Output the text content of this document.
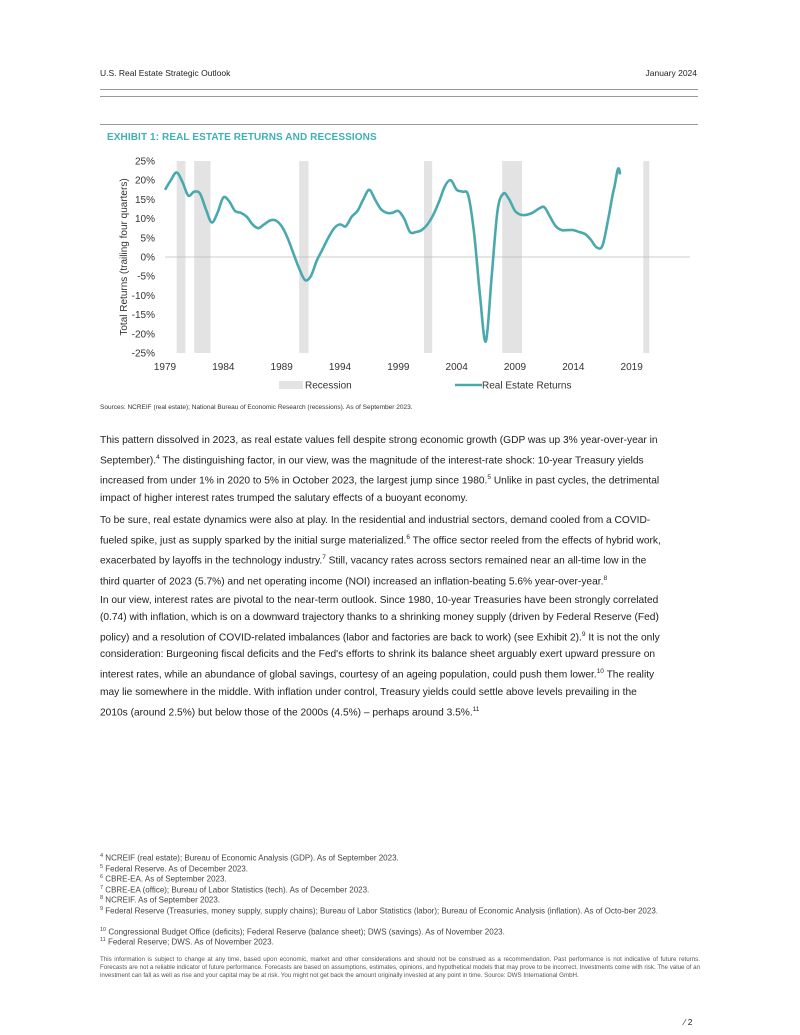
U.S. Real Estate Strategic Outlook	January 2024
EXHIBIT 1: REAL ESTATE RETURNS AND RECESSIONS
25%
20%
15%
10%
5%
0%
-5%
-10%
-15%
-20%
-25%
1979	1984	1989	1994	1999	2004	2009	2014	2019
Total Returns (trailing four quarters)
Recession	Real Estate Returns
Sources: NCREIF (real estate); National Bureau of Economic Research (recessions). As of September 2023.

This pattern dissolved in 2023, as real estate values fell despite strong economic growth (GDP was up 3% year-over-year in
September).$^4$ The distinguishing factor, in our view, was the magnitude of the interest-rate shock: 10-year Treasury yields
increased from under 1% in 2020 to 5% in October 2023, the largest jump since 1980.$^5$ Unlike in past cycles, the detrimental
impact of higher interest rates trumped the salutary effects of a buoyant economy.

To be sure, real estate dynamics were also at play. In the residential and industrial sectors, demand cooled from a COVID-
fueled spike, just as supply sparked by the initial surge materialized.$^6$ The office sector reeled from the effects of hybrid work,
exacerbated by layoffs in the technology industry.$^7$ Still, vacancy rates across sectors remained near an all-time low in the
third quarter of 2023 (5.7%) and net operating income (NOI) increased an inflation-beating 5.6% year-over-year.$^8$

In our view, interest rates are pivotal to the near-term outlook. Since 1980, 10-year Treasuries have been strongly correlated
(0.74) with inflation, which is on a downward trajectory thanks to a shrinking money supply (driven by Federal Reserve (Fed)
policy) and a resolution of COVID-related imbalances (labor and factories are back to work) (see Exhibit 2).$^9$ It is not the only
consideration: Burgeoning fiscal deficits and the Fed's efforts to shrink its balance sheet arguably exert upward pressure on
interest rates, while an abundance of global savings, courtesy of an ageing population, could push them lower.$^{10}$ The reality
may lie somewhere in the middle. With inflation under control, Treasury yields could settle above levels prevailing in the
2010s (around 2.5%) but below those of the 2000s (4.5%) – perhaps around 3.5%.$^{11}$

$^4$ NCREIF (real estate); Bureau of Economic Analysis (GDP). As of September 2023.

$^5$ Federal Reserve. As of December 2023.

$^6$ CBRE-EA. As of September 2023.

$^7$ CBRE-EA (office); Bureau of Labor Statistics (tech). As of December 2023.

$^8$ NCREIF. As of September 2023.

$^9$ Federal Reserve (Treasuries, money supply, supply chains); Bureau of Labor Statistics (labor); Bureau of Economic Analysis (inflation). As of Octo-ber 2023.

$^{10}$ Congressional Budget Office (deficits); Federal Reserve (balance sheet); DWS (savings). As of November 2023.

$^{11}$ Federal Reserve; DWS. As of November 2023.

This information is subject to change at any time, based upon economic, market and other considerations and should not be construed as a recommendation. Past performance is not indicative of future returns. Forecasts are not a reliable indicator of future performance. Forecasts are based on assumptions, estimates, opinions, and hypothetical models that may prove to be incorrect. Investments come with risk. The value of an investment can fall as well as rise and your capital may be at risk. You might not get back the amount originally invested at any point in time. Source: DWS International GmbH.

⁄ 2
